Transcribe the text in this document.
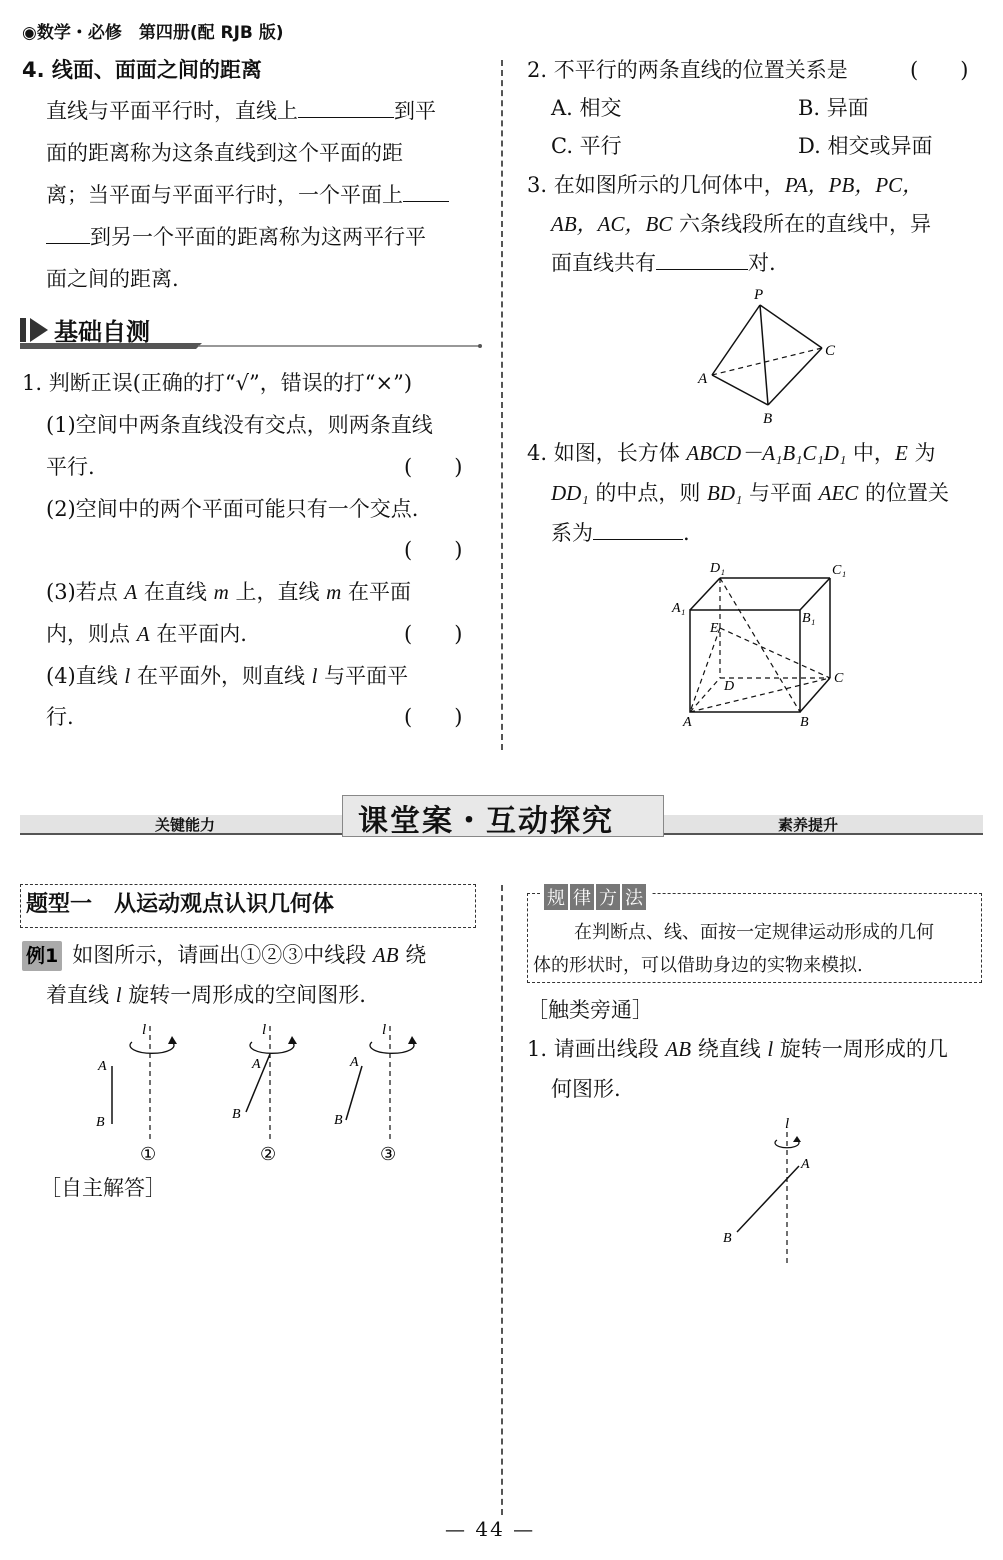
◉数学・必修　第四册(配 RJB 版)
4. 线面、面面之间的距离
直线与平面平行时，直线上	到平
面的距离称为这条直线到这个平面的距
离；当平面与平面平行时，一个平面上
到另一个平面的距离称为这两平行平
面之间的距离.
基础自测
1. 判断正误(正确的打“√”，错误的打“×”)
(1)空间中两条直线没有交点，则两条直线
平行.	(　　)
(2)空间中的两个平面可能只有一个交点.
(　　)
(3)若点 A 在直线 m 上，直线 m 在平面
内，则点 A 在平面内.	(　　)
(4)直线 l 在平面外，则直线 l 与平面平
行.	(　　)
2. 不平行的两条直线的位置关系是	(　　)
A. 相交	B. 异面
C. 平行	D. 相交或异面
3. 在如图所示的几何体中，PA，PB，PC，
AB，AC，BC 六条线段所在的直线中，异
面直线共有	对.
P
A
B
C
4. 如图，长方体 ABCD－A₁B₁C₁D₁ 中，E 为
DD₁ 的中点，则 BD₁ 与平面 AEC 的位置关
系为	.
D₁	C₁
A₁
B₁
E
D
C
A	B
关键能力	课堂案・互动探究	素养提升
题型一　从运动观点认识几何体
例1 如图所示，请画出①②③中线段 AB 绕
着直线 l 旋转一周形成的空间图形.
l
A
B
①
l
A
B
②
l
A
B
③
［自主解答］
规 律 方 法
在判断点、线、面按一定规律运动形成的几何
体的形状时，可以借助身边的实物来模拟.
［触类旁通］
1. 请画出线段 AB 绕直线 l 旋转一周形成的几
何图形.
l
A
B
— 44 —
